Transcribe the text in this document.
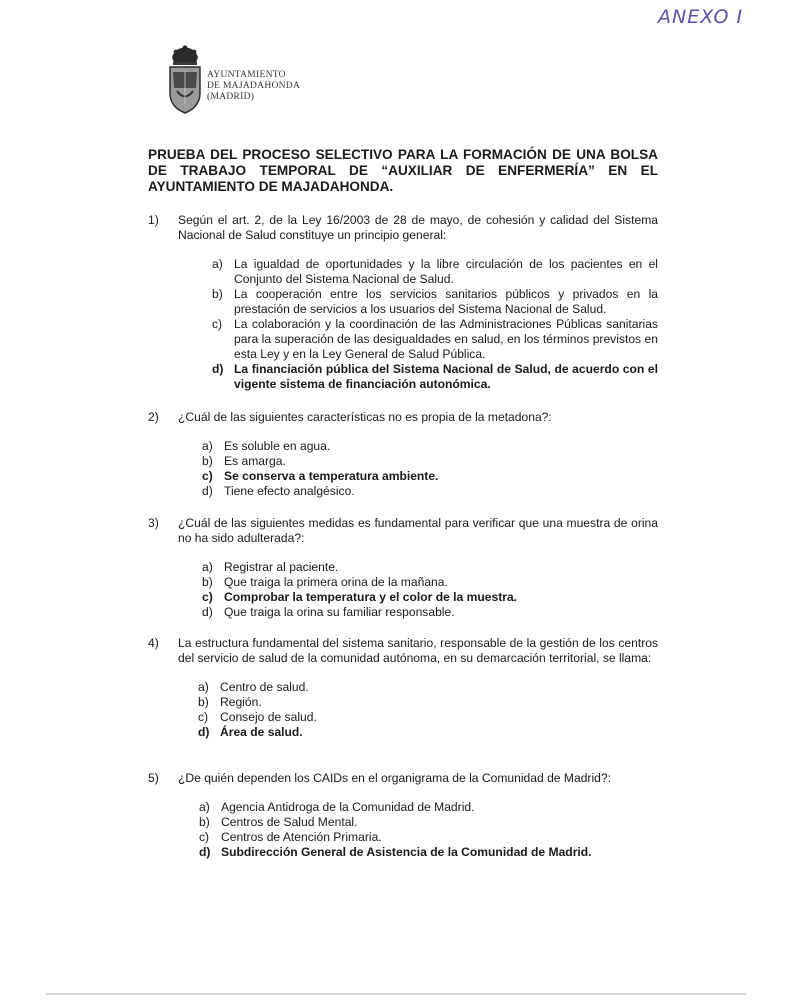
ANEXO I
AYUNTAMIENTO
DE MAJADAHONDA
(MADRID)
PRUEBA DEL PROCESO SELECTIVO PARA LA FORMACIÓN DE UNA BOLSA DE TRABAJO TEMPORAL DE “AUXILIAR DE ENFERMERÍA” EN EL AYUNTAMIENTO DE MAJADAHONDA.
1)	Según el art. 2, de la Ley 16/2003 de 28 de mayo, de cohesión y calidad del Sistema Nacional de Salud constituye un principio general:
a) La igualdad de oportunidades y la libre circulación de los pacientes en el Conjunto del Sistema Nacional de Salud.
b) La cooperación entre los servicios sanitarios públicos y privados en la prestación de servicios a los usuarios del Sistema Nacional de Salud.
c) La colaboración y la coordinación de las Administraciones Públicas sanitarias para la superación de las desigualdades en salud, en los términos previstos en esta Ley y en la Ley General de Salud Pública.
d) La financiación pública del Sistema Nacional de Salud, de acuerdo con el vigente sistema de financiación autonómica.
2)	¿Cuál de las siguientes características no es propia de la metadona?:
a) Es soluble en agua.
b) Es amarga.
c) Se conserva a temperatura ambiente.
d) Tiene efecto analgésico.
3)	¿Cuál de las siguientes medidas es fundamental para verificar que una muestra de orina no ha sido adulterada?:
a) Registrar al paciente.
b) Que traiga la primera orina de la mañana.
c) Comprobar la temperatura y el color de la muestra.
d) Que traiga la orina su familiar responsable.
4)	La estructura fundamental del sistema sanitario, responsable de la gestión de los centros del servicio de salud de la comunidad autónoma, en su demarcación territorial, se llama:
a) Centro de salud.
b) Región.
c) Consejo de salud.
d) Área de salud.
5)	¿De quién dependen los CAIDs en el organigrama de la Comunidad de Madrid?:
a) Agencia Antidroga de la Comunidad de Madrid.
b) Centros de Salud Mental.
c) Centros de Atención Primaria.
d) Subdirección General de Asistencia de la Comunidad de Madrid.
